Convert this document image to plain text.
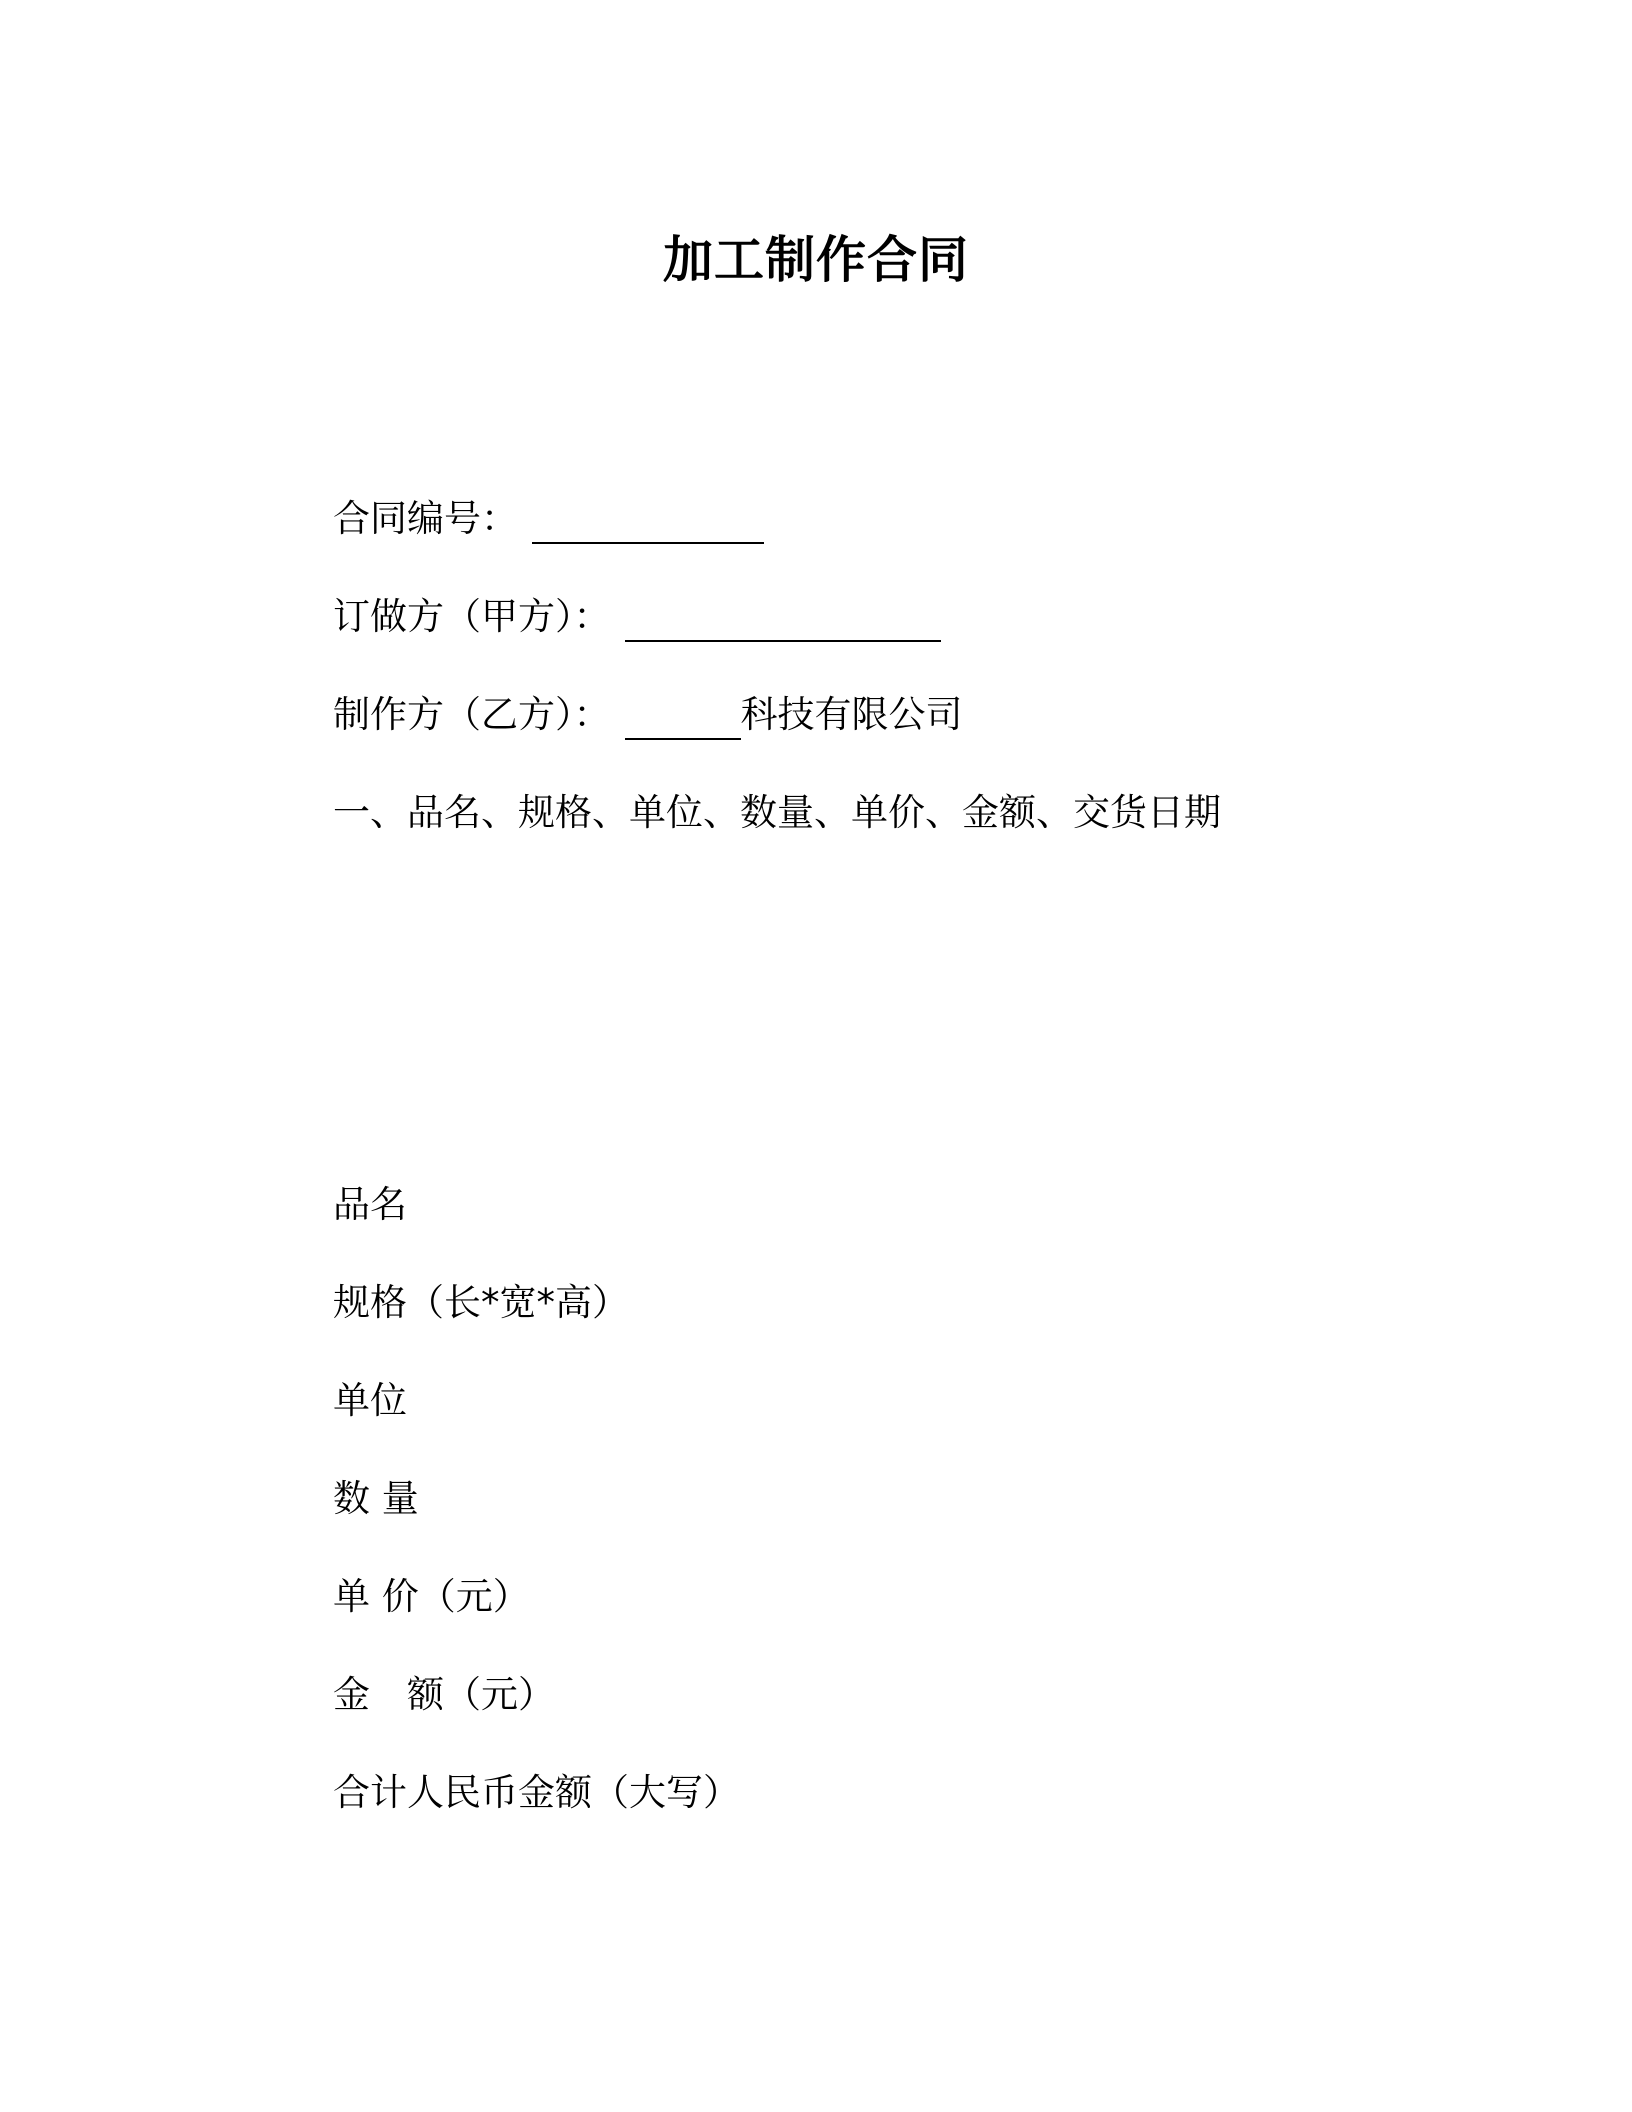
加工制作合同
合同编号：
订做方（甲方）：
制作方（乙方）：	科技有限公司
一、品名、规格、单位、数量、单价、金额、交货日期
品名
规格（长*宽*高）
单位
数 量
单 价（元）
金　额（元）
合计人民币金额（大写）
